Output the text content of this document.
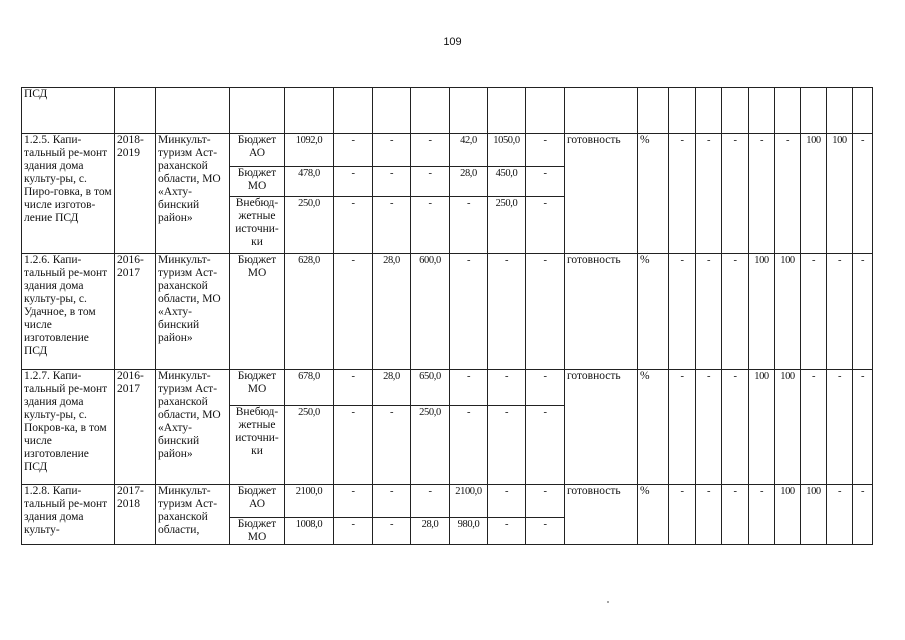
109
ПСД																				
1.2.5. Капи-тальный ре-монт здания дома культу-ры, с. Пиро-говка, в том числе изготов-ление ПСД	2018-2019	Минкульт-туризм Аст-раханской области, МО «Ахту-бинский район»	Бюджет АО	1092,0	-	-	-	42,0	1050,0	-	готовность	%	-	-	-	-	-	100	100	-
			Бюджет МО	478,0	-	-	-	28,0	450,0	-										
			Внебюд-жетные источни-ки	250,0	-	-	-	-	250,0	-										
1.2.6. Капи-тальный ре-монт здания дома культу-ры, с. Удачное, в том числе изготовление ПСД	2016-2017	Минкульт-туризм Аст-раханской области, МО «Ахту-бинский район»	Бюджет МО	628,0	-	28,0	600,0	-	-	-	готовность	%	-	-	-	100	100	-	-	-
1.2.7. Капи-тальный ре-монт здания дома культу-ры, с. Покров-ка, в том числе изготовление ПСД	2016-2017	Минкульт-туризм Аст-раханской области, МО «Ахту-бинский район»	Бюджет МО	678,0	-	28,0	650,0	-	-	-	готовность	%	-	-	-	100	100	-	-	-
			Внебюд-жетные источни-ки	250,0	-	-	250,0	-	-	-										
1.2.8. Капи-тальный ре-монт здания дома культу-	2017-2018	Минкульт-туризм Аст-раханской области,	Бюджет АО	2100,0	-	-	-	2100,0	-	-	готовность	%	-	-	-	-	100	100	-	-
			Бюджет МО	1008,0	-	-	28,0	980,0	-	-										
